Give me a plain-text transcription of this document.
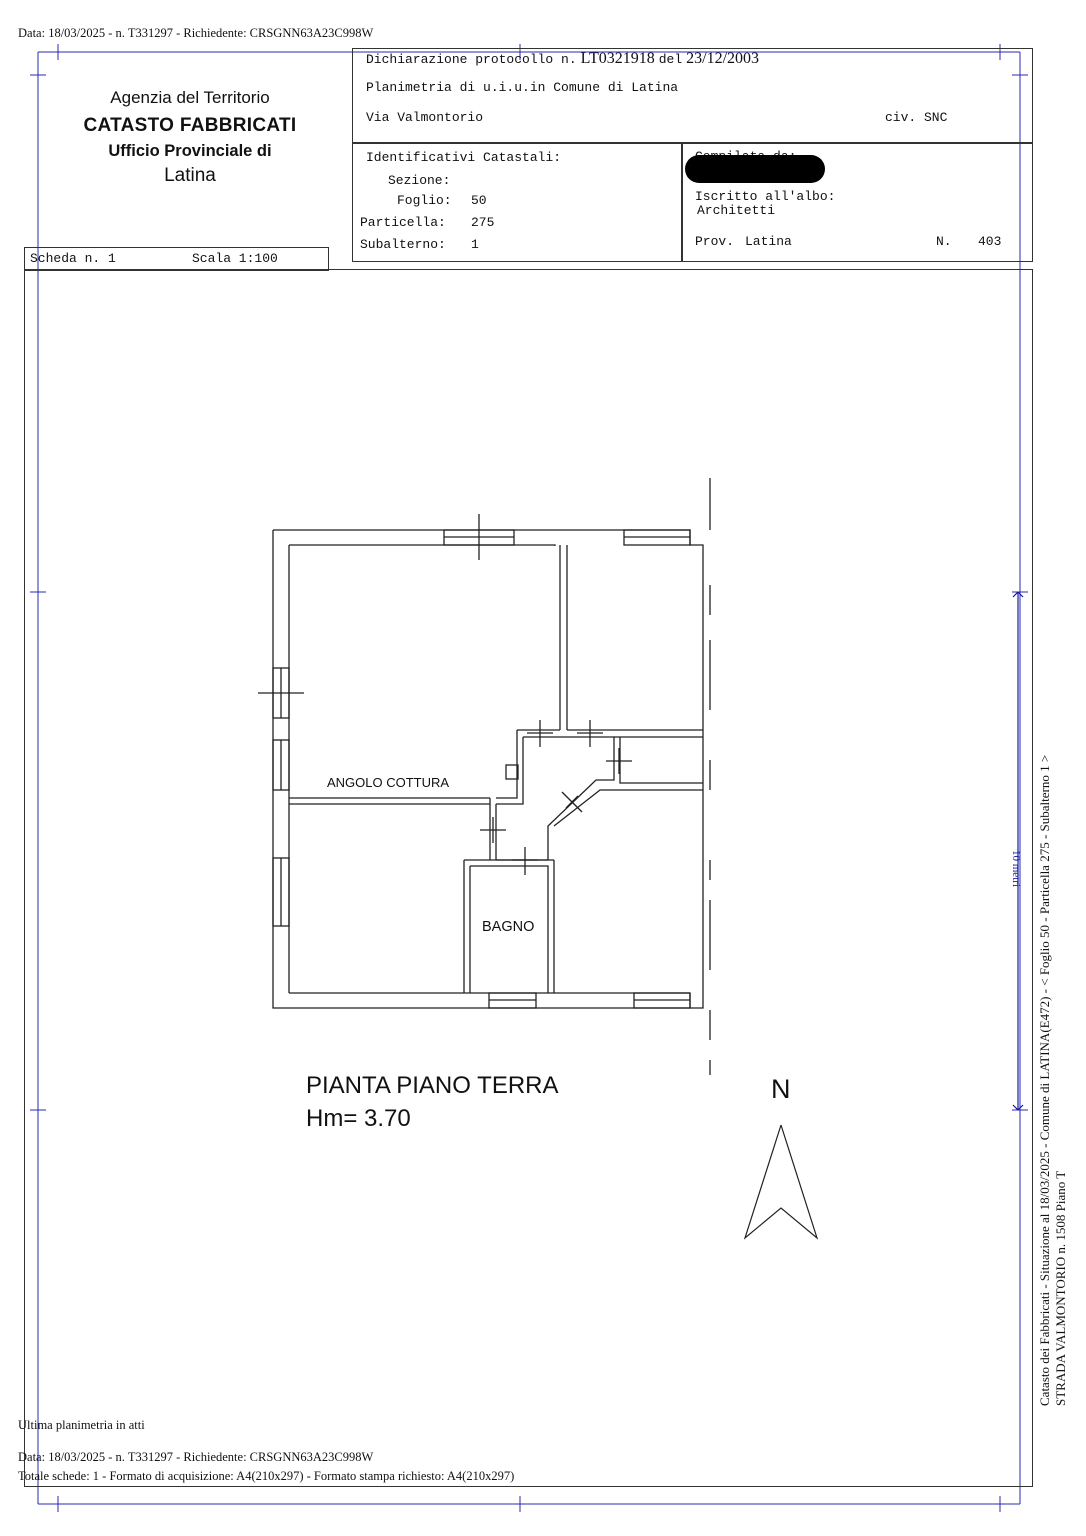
Data: 18/03/2025 - n. T331297 - Richiedente: CRSGNN63A23C998W
Agenzia del Territorio
CATASTO FABBRICATI
Ufficio Provinciale di
Latina
Dichiarazione protocollo n. LT0321918 del 23/12/2003
Planimetria di u.i.u.in Comune di Latina
Via Valmontorio	civ. SNC
Identificativi Catastali:
Sezione:
Foglio: 50
Particella: 275
Subalterno: 1
Iscritto all'albo:
Architetti
Prov. Latina	N. 403
Scheda n. 1	Scala 1:100
ANGOLO COTTURA
BAGNO
PIANTA PIANO TERRA
Hm= 3.70
N
10 metri Catasto dei Fabbricati - Situazione al 18/03/2025 - Comune di LATINA(E472) - < Foglio 50 - Particella 275 - Subalterno 1 > STRADA VALMONTORIO n. 1508 Piano T
Ultima planimetria in atti
Data: 18/03/2025 - n. T331297 - Richiedente: CRSGNN63A23C998W
Totale schede: 1 - Formato di acquisizione: A4(210x297) - Formato stampa richiesto: A4(210x297)
